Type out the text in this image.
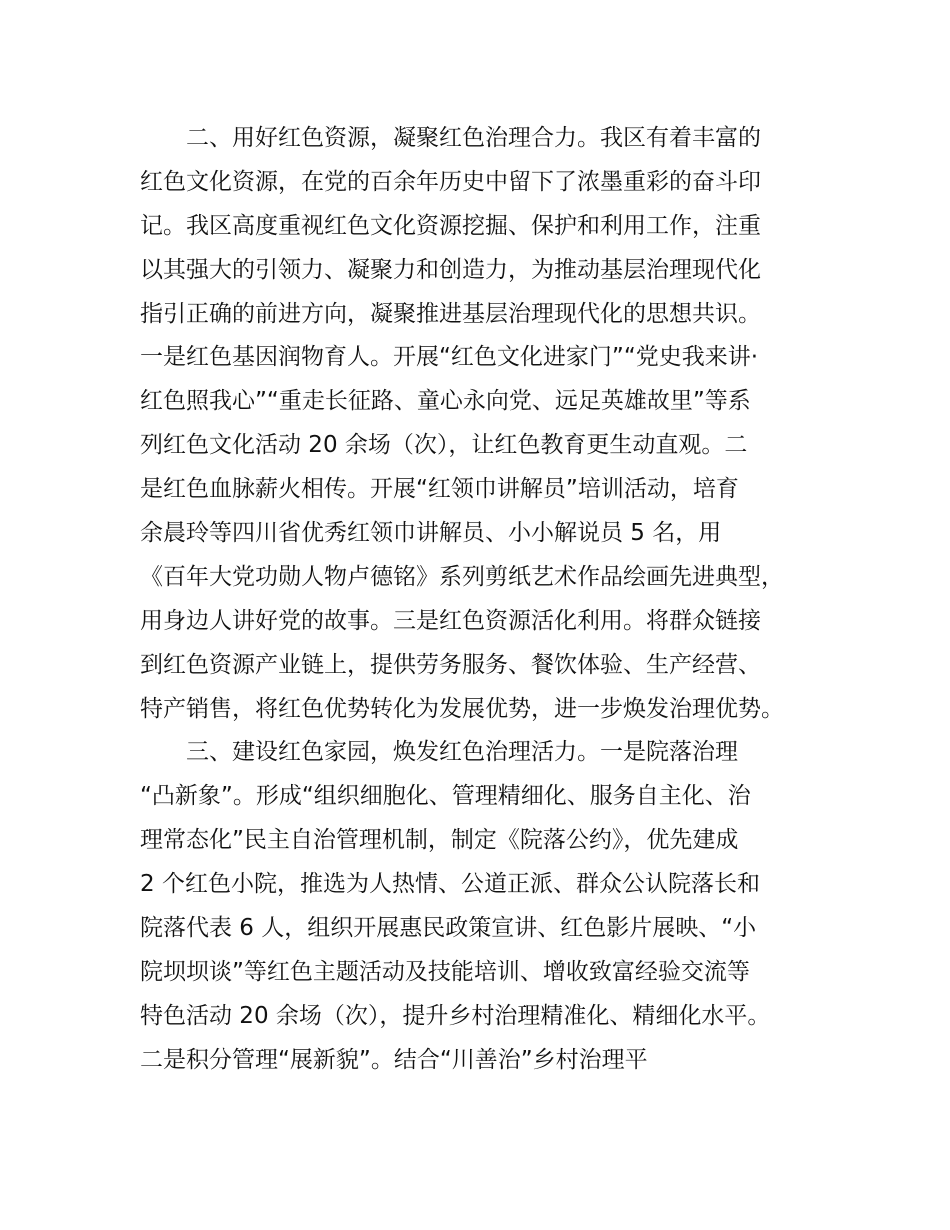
　　二、用好红色资源，凝聚红色治理合力。我区有着丰富的
红色文化资源，在党的百余年历史中留下了浓墨重彩的奋斗印
记。我区高度重视红色文化资源挖掘、保护和利用工作，注重
以其强大的引领力、凝聚力和创造力，为推动基层治理现代化
指引正确的前进方向，凝聚推进基层治理现代化的思想共识。
一是红色基因润物育人。开展“红色文化进家门”“党史我来讲·
红色照我心”“重走长征路、童心永向党、远足英雄故里”等系
列红色文化活动 20 余场（次），让红色教育更生动直观。二
是红色血脉薪火相传。开展“红领巾讲解员”培训活动，培育
余晨玲等四川省优秀红领巾讲解员、小小解说员 5 名，用
《百年大党功勋人物卢德铭》系列剪纸艺术作品绘画先进典型，
用身边人讲好党的故事。三是红色资源活化利用。将群众链接
到红色资源产业链上，提供劳务服务、餐饮体验、生产经营、
特产销售，将红色优势转化为发展优势，进一步焕发治理优势。
　　三、建设红色家园，焕发红色治理活力。一是院落治理
“凸新象”。形成“组织细胞化、管理精细化、服务自主化、治
理常态化”民主自治管理机制，制定《院落公约》，优先建成
2 个红色小院，推选为人热情、公道正派、群众公认院落长和
院落代表 6 人，组织开展惠民政策宣讲、红色影片展映、“小
院坝坝谈”等红色主题活动及技能培训、增收致富经验交流等
特色活动 20 余场（次），提升乡村治理精准化、精细化水平。
二是积分管理“展新貌”。结合“川善治”乡村治理平
